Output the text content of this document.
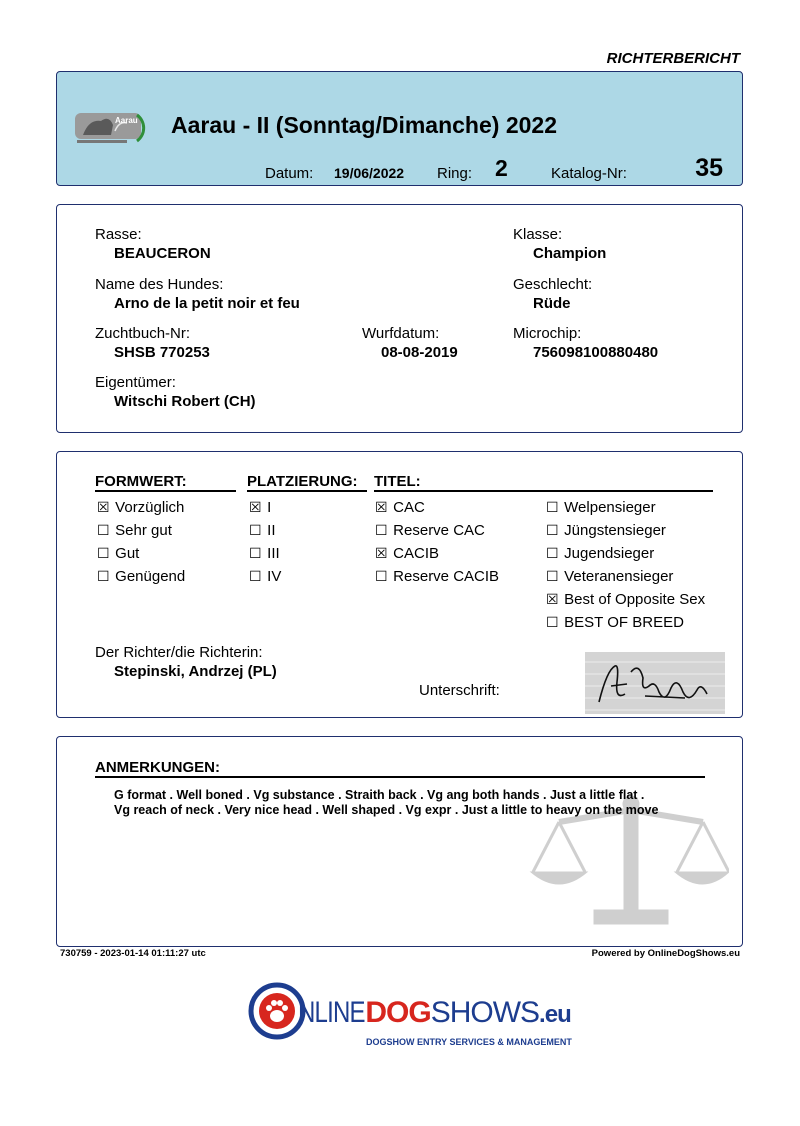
RICHTERBERICHT
Aarau Aarau - II (Sonntag/Dimanche) 2022
Datum: 19/06/2022 Ring: 2	Katalog-Nr:	35
Rasse:
BEAUCERON
Klasse:
Champion
Name des Hundes:
Arno de la petit noir et feu
Geschlecht:
Rüde
Zuchtbuch-Nr:
SHSB 770253
Wurfdatum:
08-08-2019
Microchip:
756098100880480
Eigentümer:
Witschi Robert (CH)
FORMWERT:	PLATZIERUNG: TITEL:
☒ Vorzüglich
☐ Sehr gut
☐ Gut
☐ Genügend
☒ I
☐ II
☐ III
☐ IV
☒ CAC
☐ Reserve CAC
☒ CACIB
☐ Reserve CACIB
☐ Welpensieger
☐ Jüngstensieger
☐ Jugendsieger
☐ Veteranensieger
☒ Best of Opposite Sex
☐ BEST OF BREED
Der Richter/die Richterin:
Stepinski, Andrzej (PL)
Unterschrift:
ANMERKUNGEN:
G format . Well boned . Vg substance . Straith back . Vg ang both hands . Just a little flat .
Vg reach of neck . Very nice head . Well shaped . Vg expr . Just a little to heavy on the move
730759 - 2023-01-14 01:11:27 utc	Powered by OnlineDogShows.eu
NLINEDOGSHOWS.eu
DOGSHOW ENTRY SERVICES & MANAGEMENT
